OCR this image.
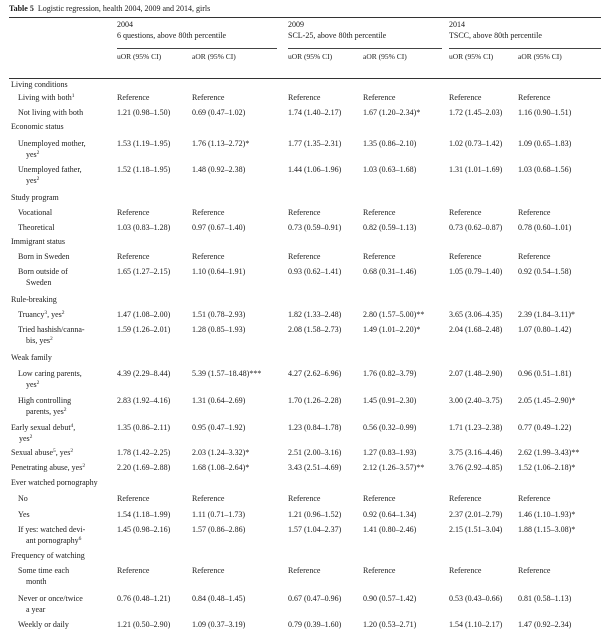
Table 5 Logistic regression, health 2004, 2009 and 2014, girls
2004
6 questions, above 80th percentile
2009
SCL-25, above 80th percentile
2014
TSCC, above 80th percentile
uOR (95% CI)	aOR (95% CI)	uOR (95% CI)	aOR (95% CI)	uOR (95% CI)	aOR (95% CI)
Living conditions
Living with both$^1$	Reference	Reference	Reference	Reference	Reference	Reference
Not living with both	1.21 (0.98–1.50)	0.69 (0.47–1.02)	1.74 (1.40–2.17)	1.67 (1.20–2.34)*	1.72 (1.45–2.03) 1.16 (0.90–1.51)
Economic status
Unemployed mother,
yes$^2$
1.53 (1.19–1.95)	1.76 (1.13–2.72)*	1.77 (1.35–2.31)	1.35 (0.86–2.10)	1.02 (0.73–1.42) 1.09 (0.65–1.83)
Unemployed father,
yes$^2$
1.52 (1.18–1.95)	1.48 (0.92–2.38)	1.44 (1.06–1.96)	1.03 (0.63–1.68)	1.31 (1.01–1.69) 1.03 (0.68–1.56)
Study program
Vocational	Reference	Reference	Reference	Reference	Reference	Reference
Theoretical	1.03 (0.83–1.28)	0.97 (0.67–1.40)	0.73 (0.59–0.91)	0.82 (0.59–1.13)	0.73 (0.62–0.87) 0.78 (0.60–1.01)
Immigrant status
Born in Sweden	Reference	Reference	Reference	Reference	Reference	Reference
Born outside of
Sweden
1.65 (1.27–2.15)	1.10 (0.64–1.91)	0.93 (0.62–1.41)	0.68 (0.31–1.46)	1.05 (0.79–1.40) 0.92 (0.54–1.58)
Rule-breaking
Truancy$^3$, yes$^2$	1.47 (1.08–2.00)	1.51 (0.78–2.93)	1.82 (1.33–2.48)	2.80 (1.57–5.00)**	3.65 (3.06–4.35) 2.39 (1.84–3.11)*
Tried hashish/canna-
bis, yes$^2$
1.59 (1.26–2.01)	1.28 (0.85–1.93)	2.08 (1.58–2.73)	1.49 (1.01–2.20)*	2.04 (1.68–2.48) 1.07 (0.80–1.42)
Weak family
Low caring parents,
yes$^2$
4.39 (2.29–8.44)	5.39 (1.57–18.48)***	4.27 (2.62–6.96)	1.76 (0.82–3.79)	2.07 (1.48–2.90) 0.96 (0.51–1.81)
High controlling
parents, yes$^2$
2.83 (1.92–4.16)	1.31 (0.64–2.69)	1.70 (1.26–2.28)	1.45 (0.91–2.30)	3.00 (2.40–3.75) 2.05 (1.45–2.90)*
Early sexual debut$^4$,
yes$^2$
1.35 (0.86–2.11)	0.95 (0.47–1.92)	1.23 (0.84–1.78)	0.56 (0.32–0.99)	1.71 (1.23–2.38) 0.77 (0.49–1.22)
Sexual abuse$^5$, yes$^2$	1.78 (1.42–2.25)	2.03 (1.24–3.32)*	2.51 (2.00–3.16)	1.27 (0.83–1.93)	3.75 (3.16–4.46) 2.62 (1.99–3.43)**
Penetrating abuse, yes$^2$	2.20 (1.69–2.88)	1.68 (1.08–2.64)*	3.43 (2.51–4.69)	2.12 (1.26–3.57)**	3.76 (2.92–4.85) 1.52 (1.06–2.18)*
Ever watched pornography
No	Reference	Reference	Reference	Reference	Reference	Reference
Yes	1.54 (1.18–1.99)	1.11 (0.71–1.73)	1.21 (0.96–1.52)	0.92 (0.64–1.34)	2.37 (2.01–2.79) 1.46 (1.10–1.93)*
If yes: watched devi-
ant pornography$^6$
1.45 (0.98–2.16)	1.57 (0.86–2.86)	1.57 (1.04–2.37)	1.41 (0.80–2.46)	2.15 (1.51–3.04) 1.88 (1.15–3.08)*
Frequency of watching
Some time each
month
Reference	Reference	Reference	Reference	Reference	Reference
Never or once/twice
a year
0.76 (0.48–1.21)	0.84 (0.48–1.45)	0.67 (0.47–0.96)	0.90 (0.57–1.42)	0.53 (0.43–0.66) 0.81 (0.58–1.13)
Weekly or daily	1.21 (0.50–2.90)	1.09 (0.37–3.19)	0.79 (0.39–1.60)	1.20 (0.53–2.71)	1.54 (1.10–2.17) 1.47 (0.92–2.34)
